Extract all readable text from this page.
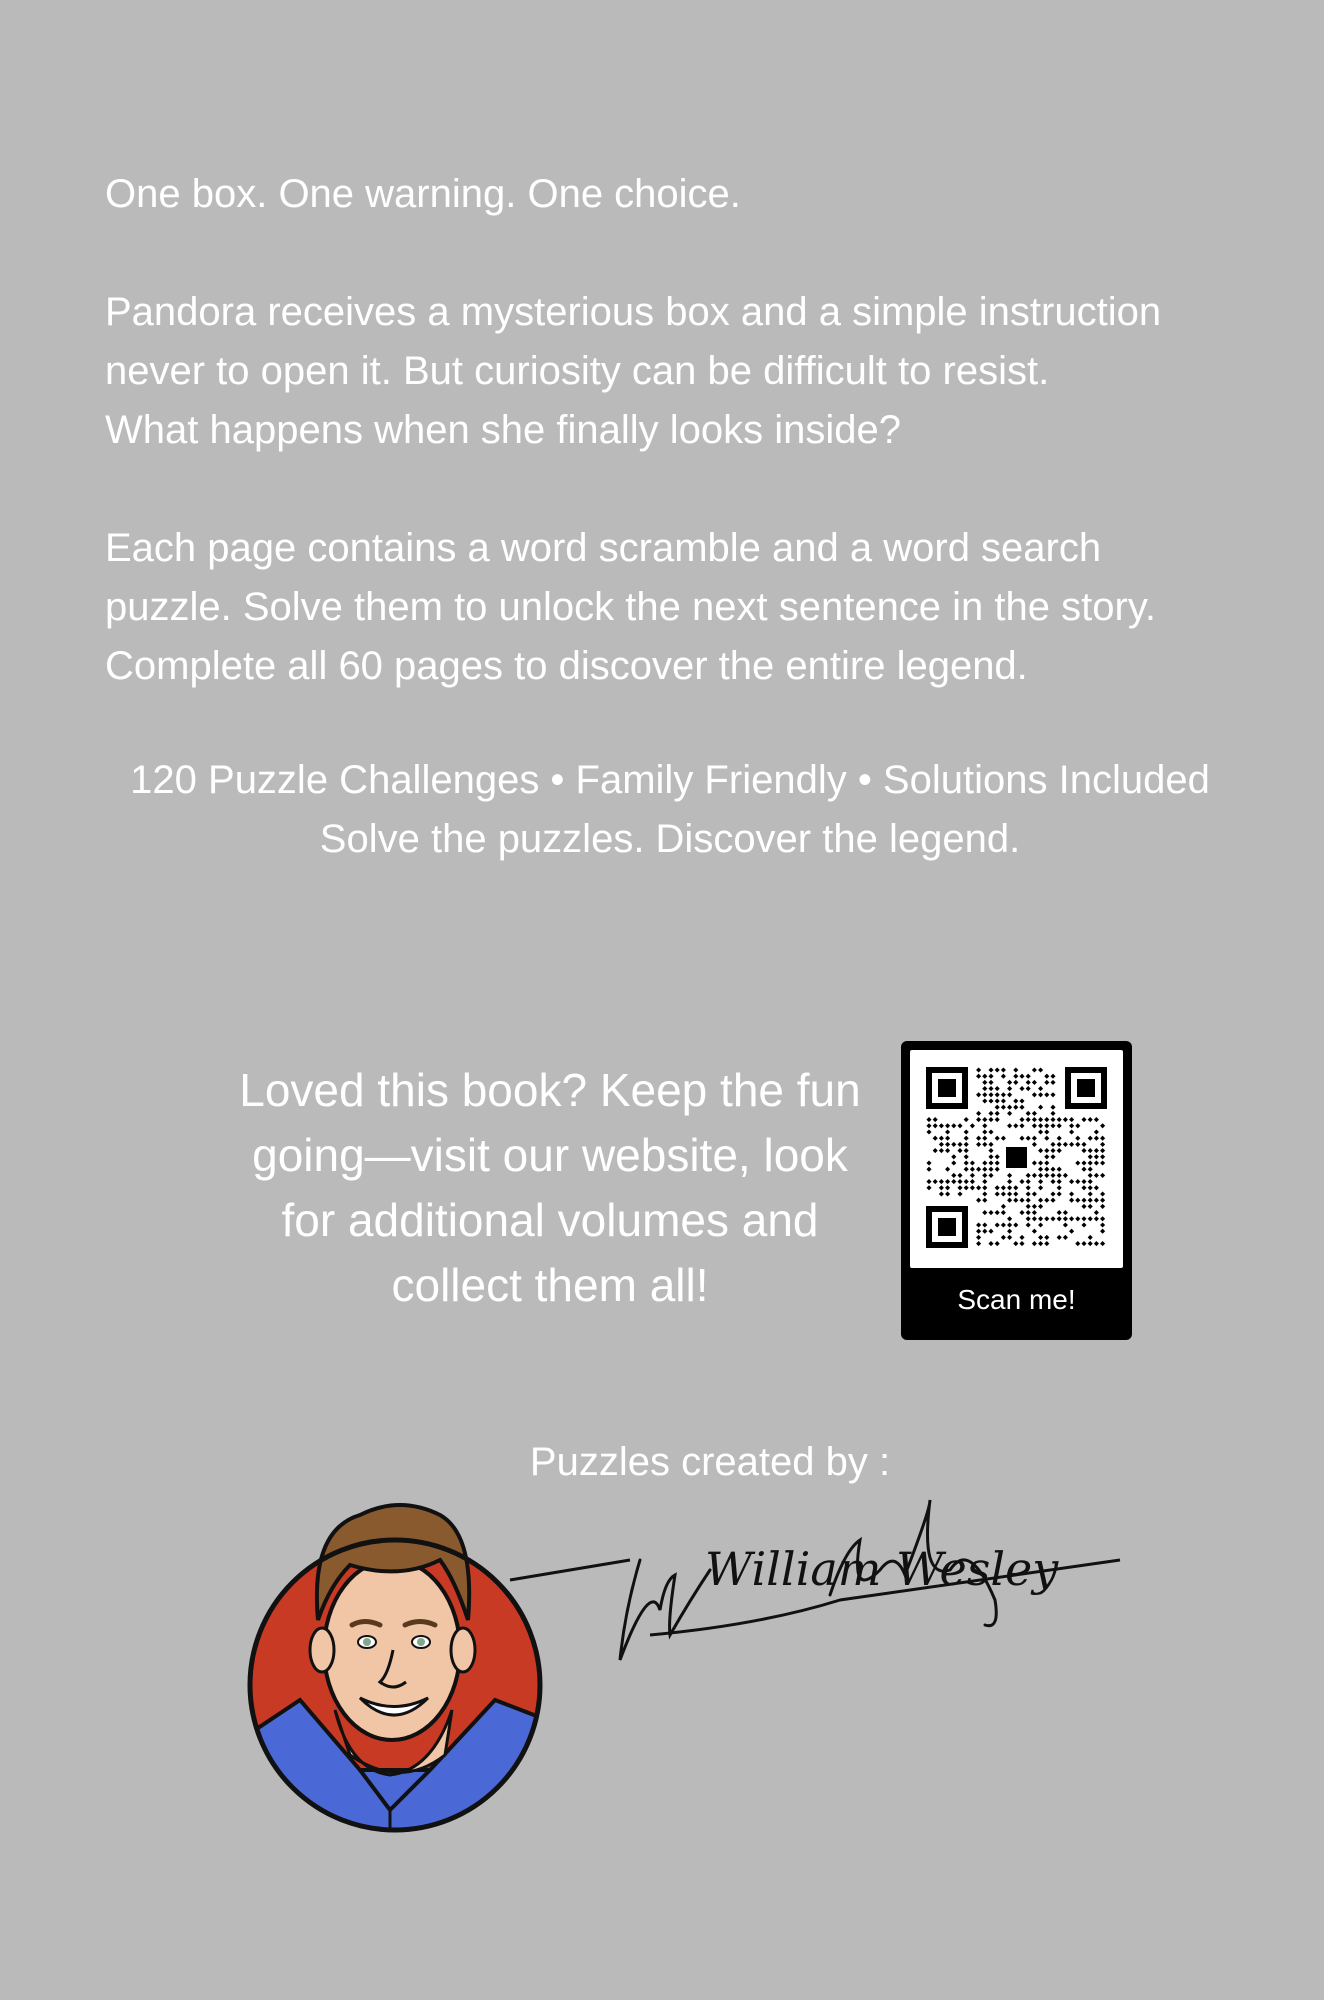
One box. One warning. One choice.

Pandora receives a mysterious box and a simple instruction
never to open it. But curiosity can be difficult to resist.
What happens when she finally looks inside?

Each page contains a word scramble and a word search
puzzle. Solve them to unlock the next sentence in the story.
Complete all 60 pages to discover the entire legend.

120 Puzzle Challenges • Family Friendly • Solutions Included
Solve the puzzles. Discover the legend.
Loved this book? Keep the fun
going—visit our website, look
for additional volumes and
collect them all!	Scan me!
Puzzles created by :
William Wesley
